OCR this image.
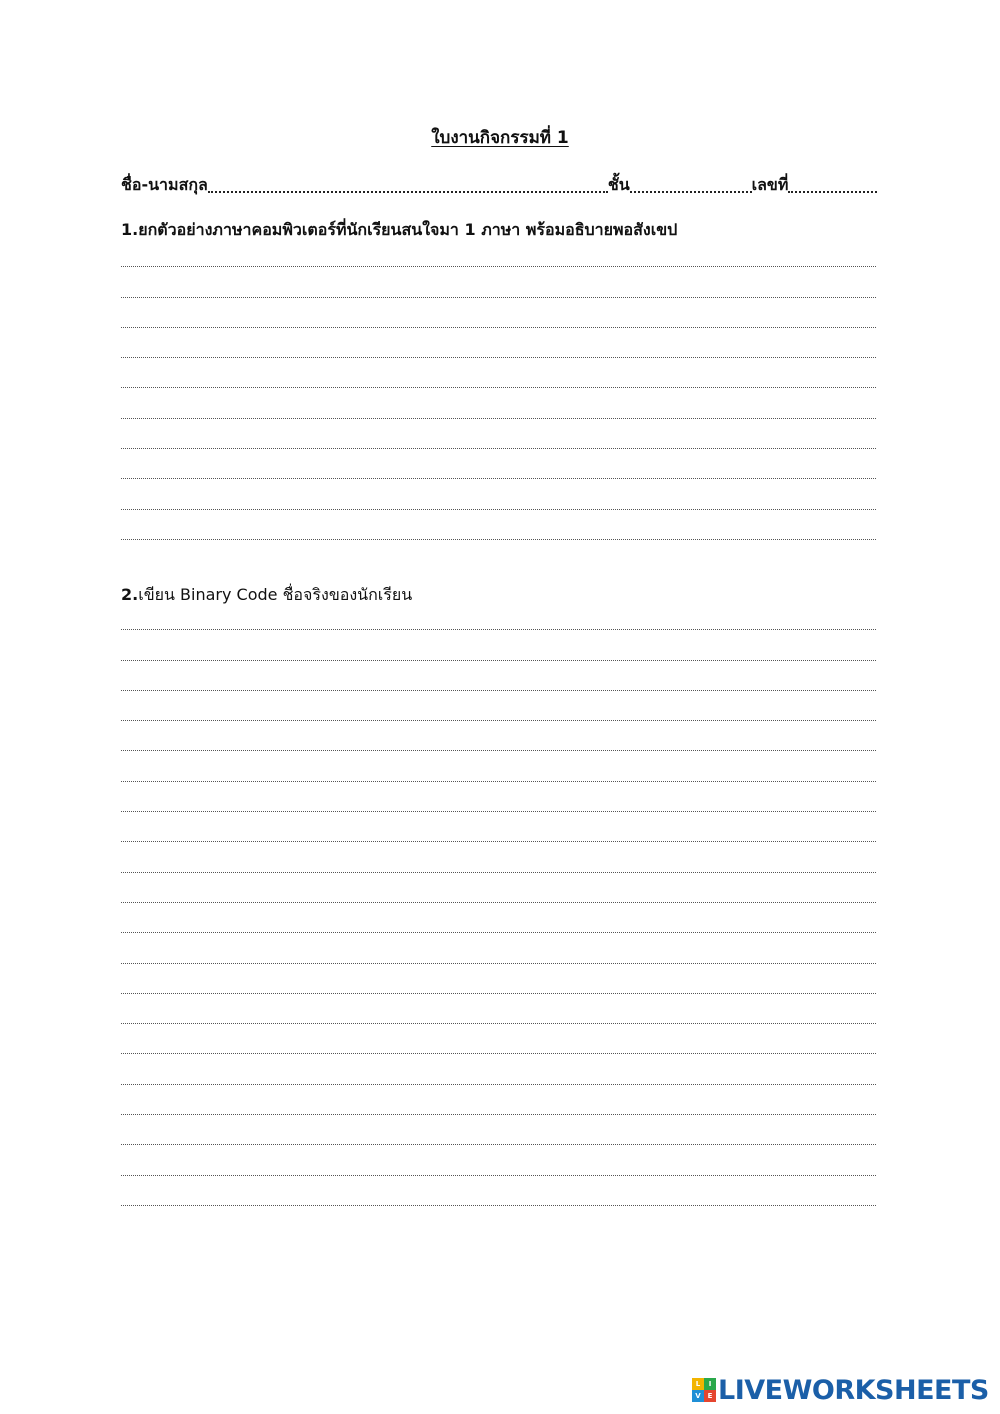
ใบงานกิจกรรมที่ 1
ชื่อ-นามสกุล	ชั้น	เลขที่
1.ยกตัวอย่างภาษาคอมพิวเตอร์ที่นักเรียนสนใจมา 1 ภาษา พร้อมอธิบายพอสังเขป
2.เขียน Binary Code ชื่อจริงของนักเรียน
L	I
V E LIVEWORKSHEETS
